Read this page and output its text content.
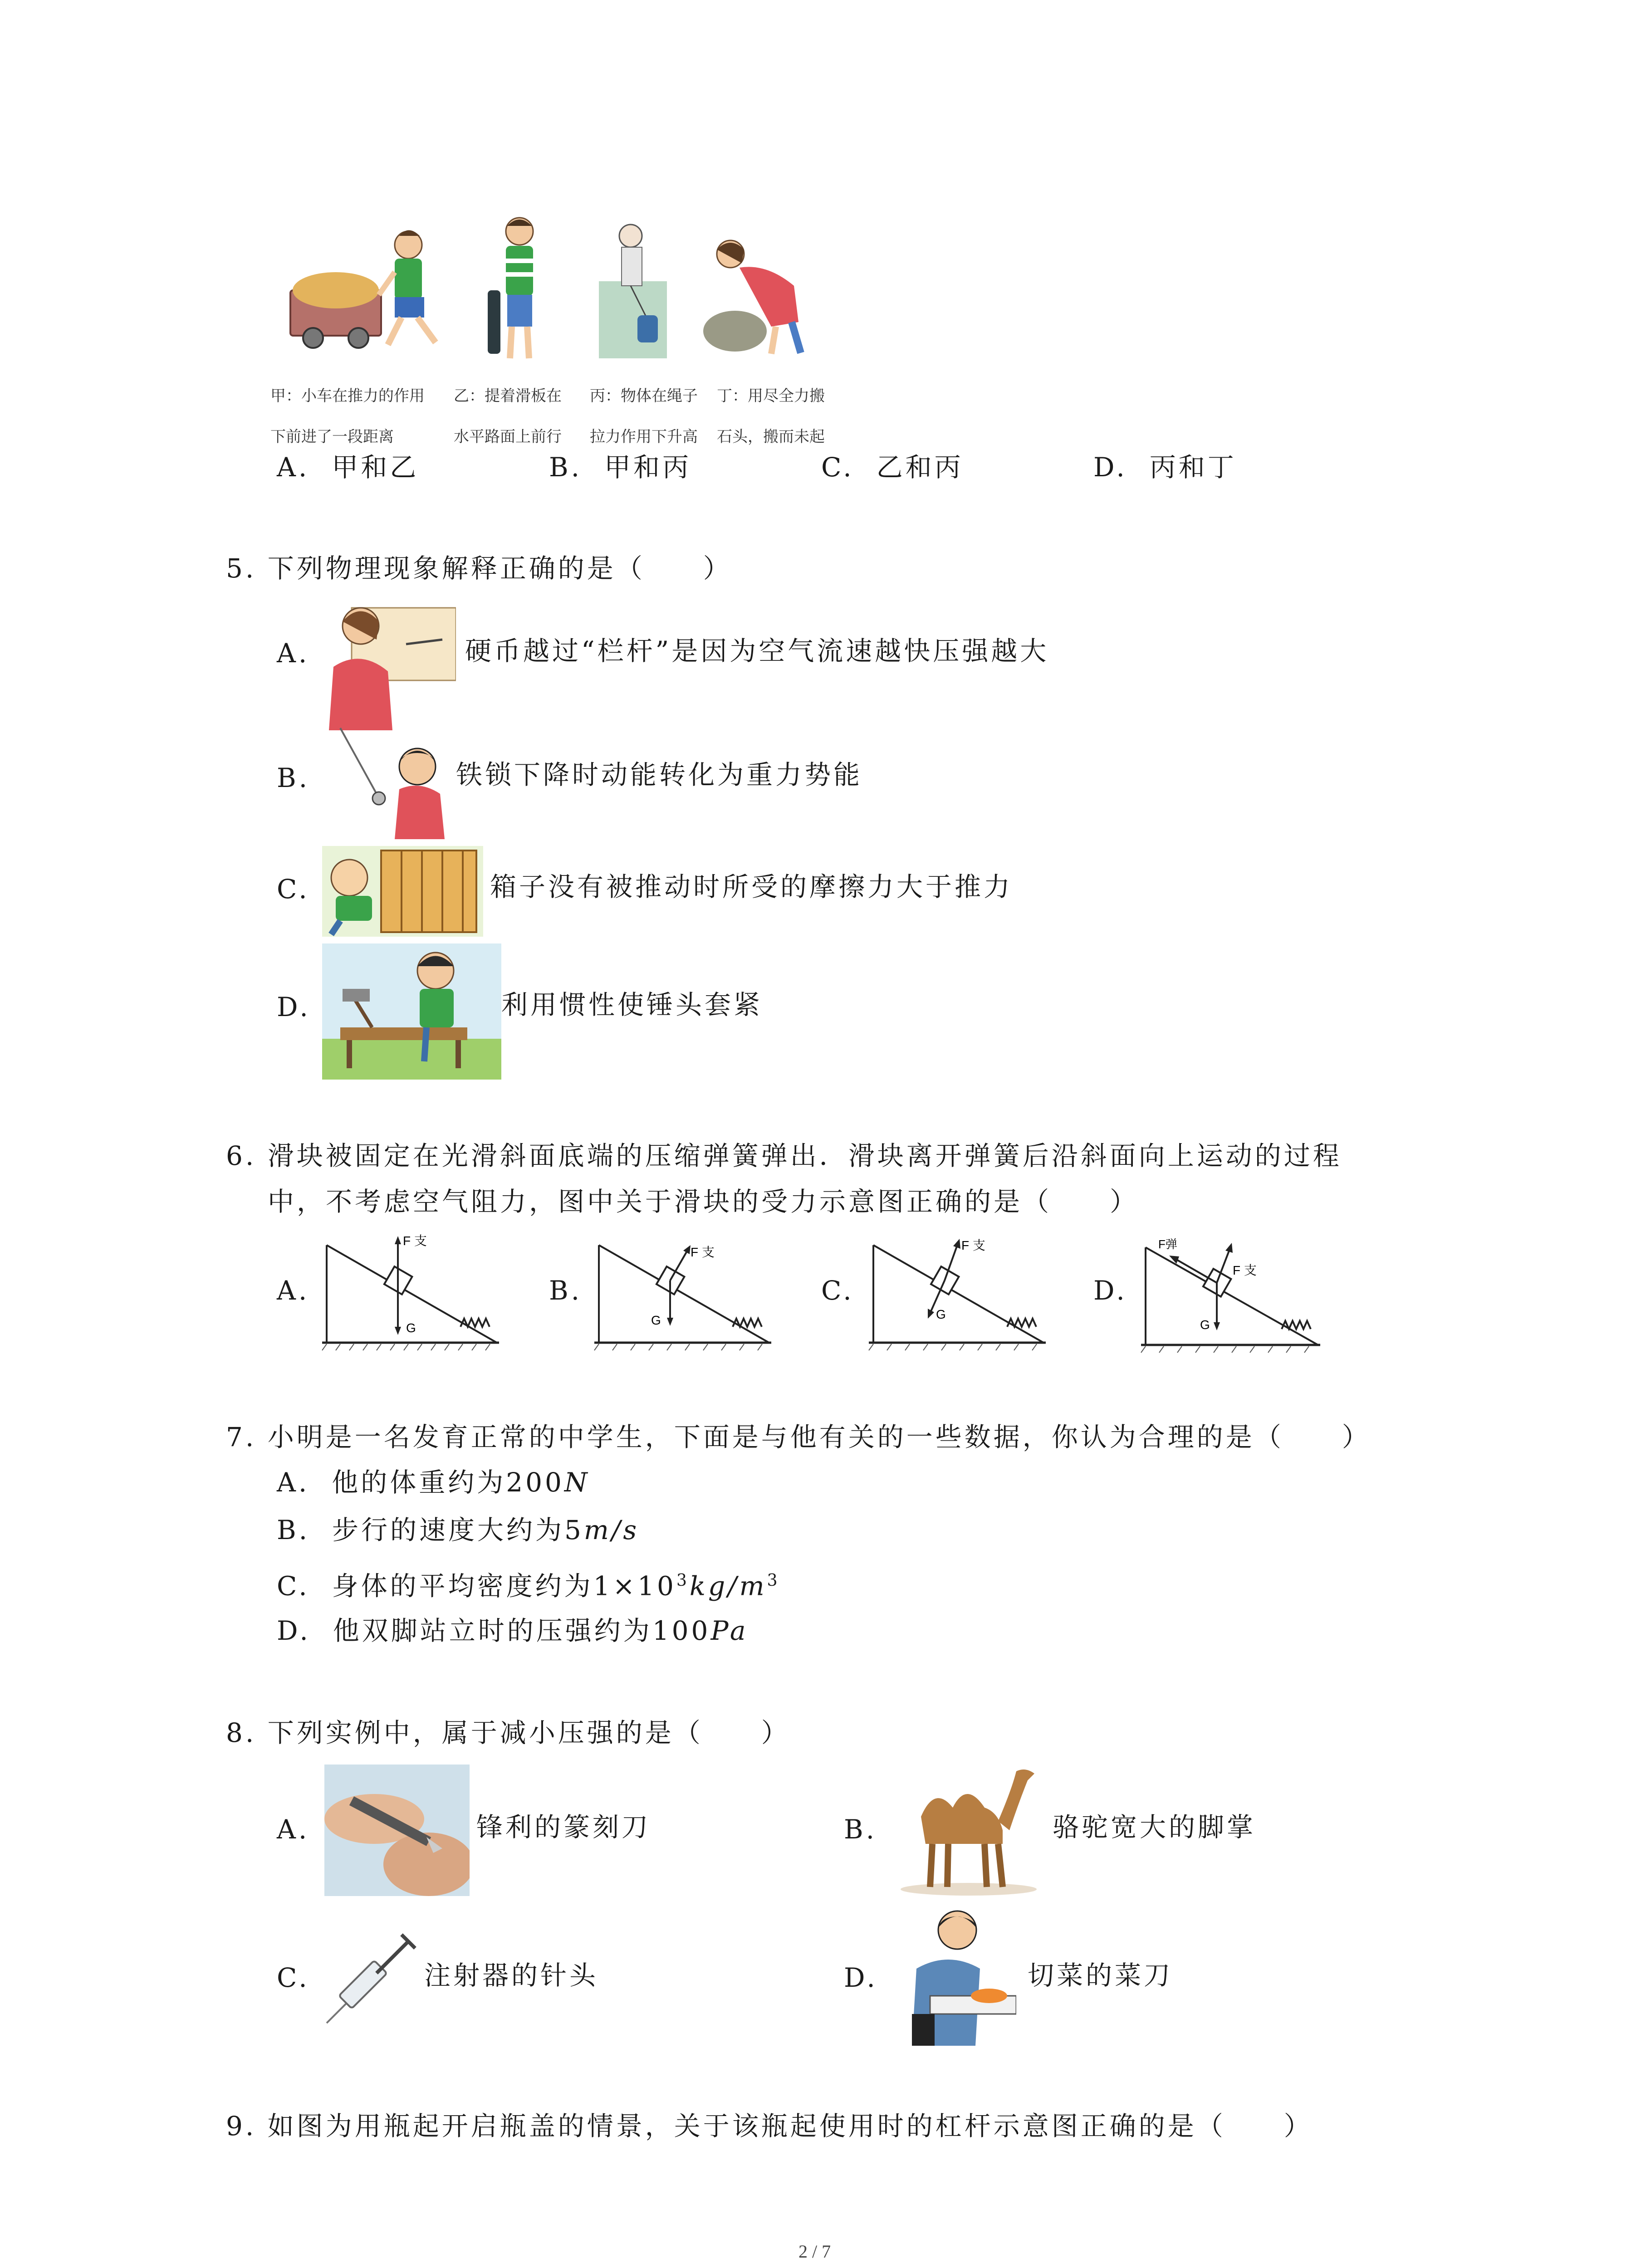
甲：小车在推力的作用
下前进了一段距离
乙：提着滑板在
水平路面上前行
丙：物体在绳子
拉力作用下升高
丁：用尽全力搬
石头，搬而未起
A. 甲和乙	B. 甲和丙	C. 乙和丙	D. 丙和丁
5. 下列物理现象解释正确的是（　　）
A.	硬币越过“栏杆”是因为空气流速越快压强越大
B.	铁锁下降时动能转化为重力势能
C.	箱子没有被推动时所受的摩擦力大于推力
D.	利用惯性使锤头套紧
6. 滑块被固定在光滑斜面底端的压缩弹簧弹出．滑块离开弹簧后沿斜面向上运动的过程
中，不考虑空气阻力，图中关于滑块的受力示意图正确的是（　　）
A.
F 支
G
B.
F 支
G
C.
F 支
G
D.
F弹
F 支
G
7. 小明是一名发育正常的中学生，下面是与他有关的一些数据，你认为合理的是（　　）
A. 他的体重约为200N
B. 步行的速度大约为5m/s
C. 身体的平均密度约为$1\times 10^3kg/m^3$
D. 他双脚站立时的压强约为100Pa
8. 下列实例中，属于减小压强的是（　　）
A.	锋利的篆刻刀	B.	骆驼宽大的脚掌
C.	注射器的针头	D.	切菜的菜刀
9. 如图为用瓶起开启瓶盖的情景，关于该瓶起使用时的杠杆示意图正确的是（　　）
2 / 7
